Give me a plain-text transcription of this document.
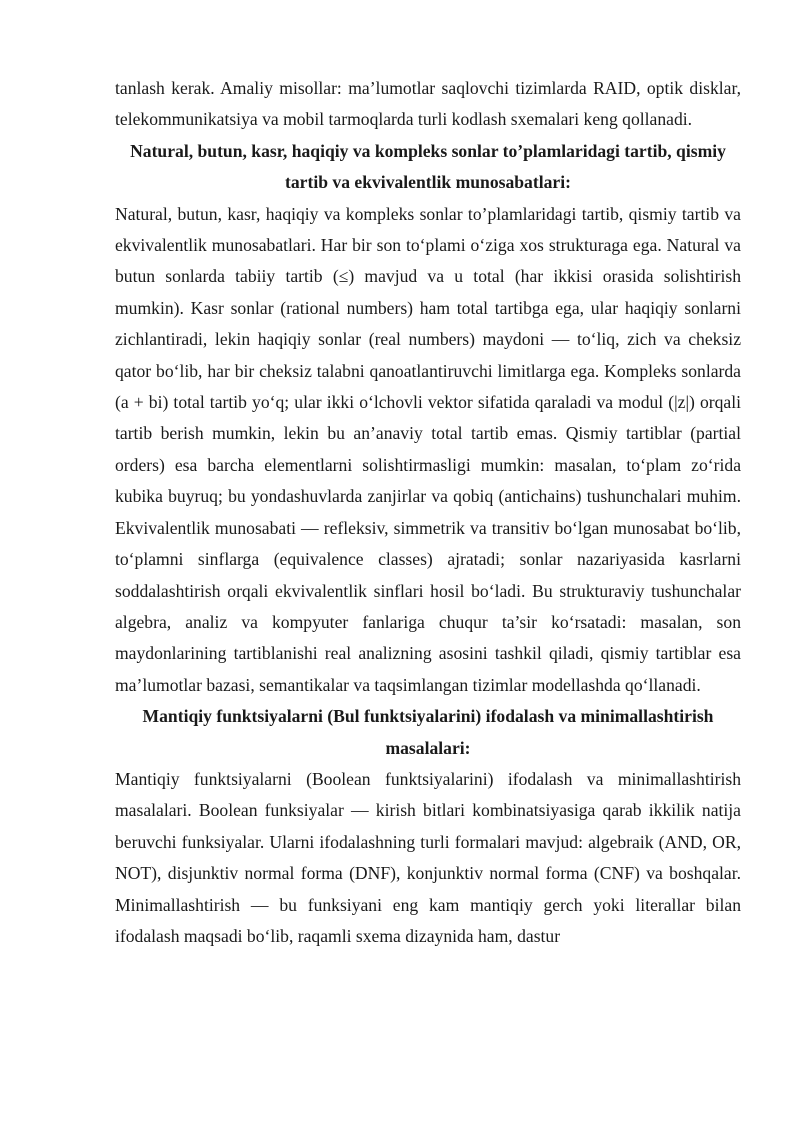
tanlash kerak. Amaliy misollar: ma’lumotlar saqlovchi tizimlarda RAID, optik disklar, telekommunikatsiya va mobil tarmoqlarda turli kodlash sxemalari keng qollanadi.

Natural, butun, kasr, haqiqiy va kompleks sonlar to’plamlaridagi tartib, qismiy tartib va ekvivalentlik munosabatlari:

Natural, butun, kasr, haqiqiy va kompleks sonlar to’plamlaridagi tartib, qismiy tartib va ekvivalentlik munosabatlari. Har bir son to‘plami o‘ziga xos strukturaga ega. Natural va butun sonlarda tabiiy tartib (≤) mavjud va u total (har ikkisi orasida solishtirish mumkin). Kasr sonlar (rational numbers) ham total tartibga ega, ular haqiqiy sonlarni zichlantiradi, lekin haqiqiy sonlar (real numbers) maydoni — to‘liq, zich va cheksiz qator bo‘lib, har bir cheksiz talabni qanoatlantiruvchi limitlarga ega. Kompleks sonlarda (a + bi) total tartib yo‘q; ular ikki o‘lchovli vektor sifatida qaraladi va modul (|z|) orqali tartib berish mumkin, lekin bu an’anaviy total tartib emas. Qismiy tartiblar (partial orders) esa barcha elementlarni solishtirmasligi mumkin: masalan, to‘plam zo‘rida kubika buyruq; bu yondashuvlarda zanjirlar va qobiq (antichains) tushunchalari muhim. Ekvivalentlik munosabati — refleksiv, simmetrik va transitiv bo‘lgan munosabat bo‘lib, to‘plamni sinflarga (equivalence classes) ajratadi; sonlar nazariyasida kasrlarni soddalashtirish orqali ekvivalentlik sinflari hosil bo‘ladi. Bu strukturaviy tushunchalar algebra, analiz va kompyuter fanlariga chuqur ta’sir ko‘rsatadi: masalan, son maydonlarining tartiblanishi real analizning asosini tashkil qiladi, qismiy tartiblar esa ma’lumotlar bazasi, semantikalar va taqsimlangan tizimlar modellashda qo‘llanadi.

Mantiqiy funktsiyalarni (Bul funktsiyalarini) ifodalash va minimallashtirish masalalari:

Mantiqiy funktsiyalarni (Boolean funktsiyalarini) ifodalash va minimallashtirish masalalari. Boolean funksiyalar — kirish bitlari kombinatsiyasiga qarab ikkilik natija beruvchi funksiyalar. Ularni ifodalashning turli formalari mavjud: algebraik (AND, OR, NOT), disjunktiv normal forma (DNF), konjunktiv normal forma (CNF) va boshqalar. Minimallashtirish — bu funksiyani eng kam mantiqiy gerch yoki literallar bilan ifodalash maqsadi bo‘lib, raqamli sxema dizaynida ham, dastur
